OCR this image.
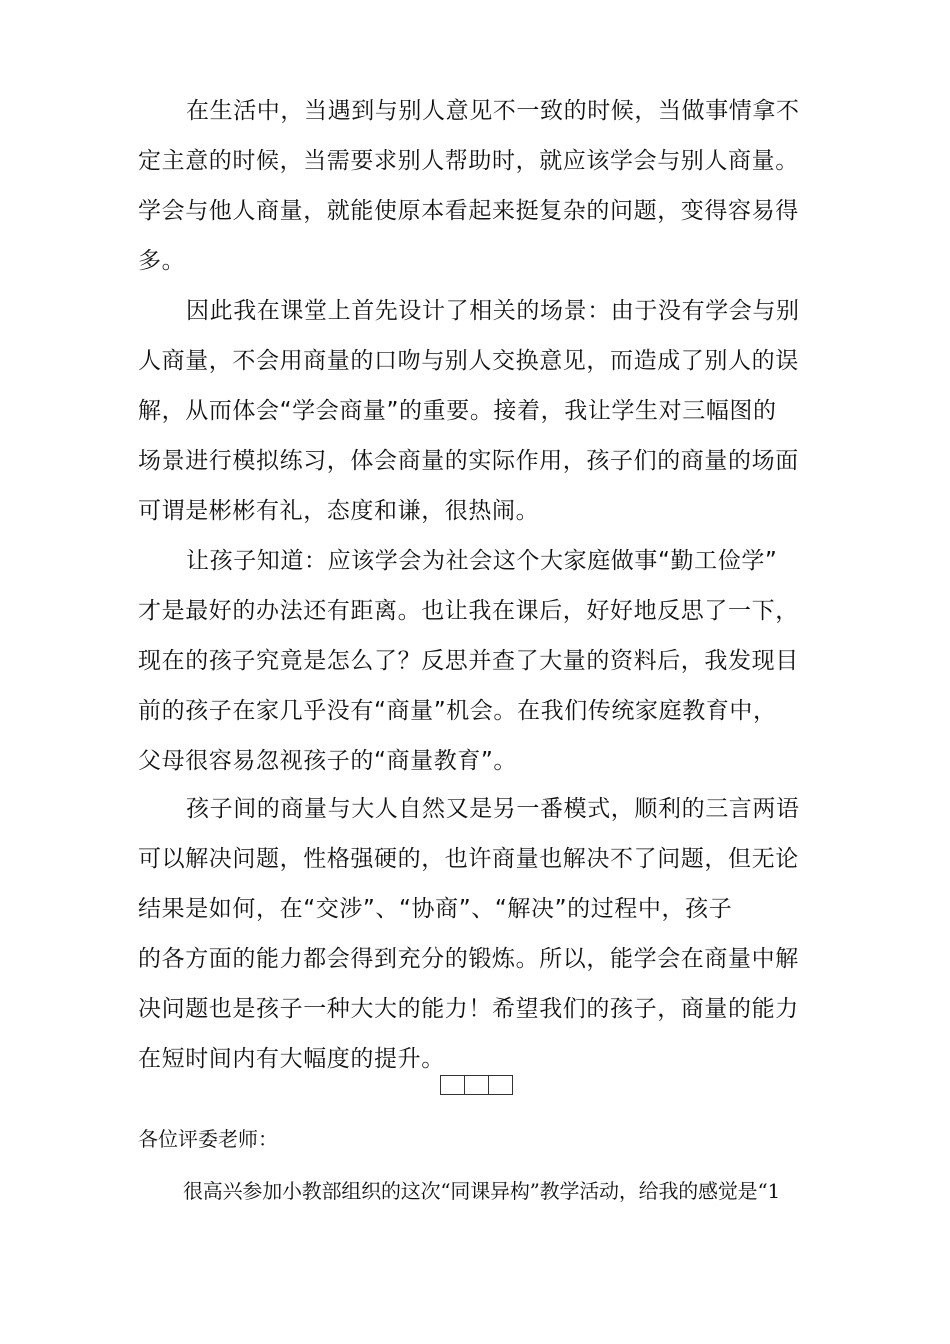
在生活中，当遇到与别人意见不一致的时候，当做事情拿不
定主意的时候，当需要求别人帮助时，就应该学会与别人商量。
学会与他人商量，就能使原本看起来挺复杂的问题，变得容易得
多。
因此我在课堂上首先设计了相关的场景：由于没有学会与别
人商量，不会用商量的口吻与别人交换意见，而造成了别人的误
解，从而体会“学会商量”的重要。接着，我让学生对三幅图的
场景进行模拟练习，体会商量的实际作用，孩子们的商量的场面
可谓是彬彬有礼，态度和谦，很热闹。
让孩子知道：应该学会为社会这个大家庭做事“勤工俭学”
才是最好的办法还有距离。也让我在课后，好好地反思了一下，
现在的孩子究竟是怎么了？反思并查了大量的资料后，我发现目
前的孩子在家几乎没有“商量”机会。在我们传统家庭教育中，
父母很容易忽视孩子的“商量教育”。
孩子间的商量与大人自然又是另一番模式，顺利的三言两语
可以解决问题，性格强硬的，也许商量也解决不了问题，但无论
结果是如何，在“交涉”、“协商”、“解决”的过程中，孩子
的各方面的能力都会得到充分的锻炼。所以，能学会在商量中解
决问题也是孩子一种大大的能力！希望我们的孩子，商量的能力
在短时间内有大幅度的提升。

各位评委老师：

很高兴参加小教部组织的这次“同课异构”教学活动，给我的感觉是“1
